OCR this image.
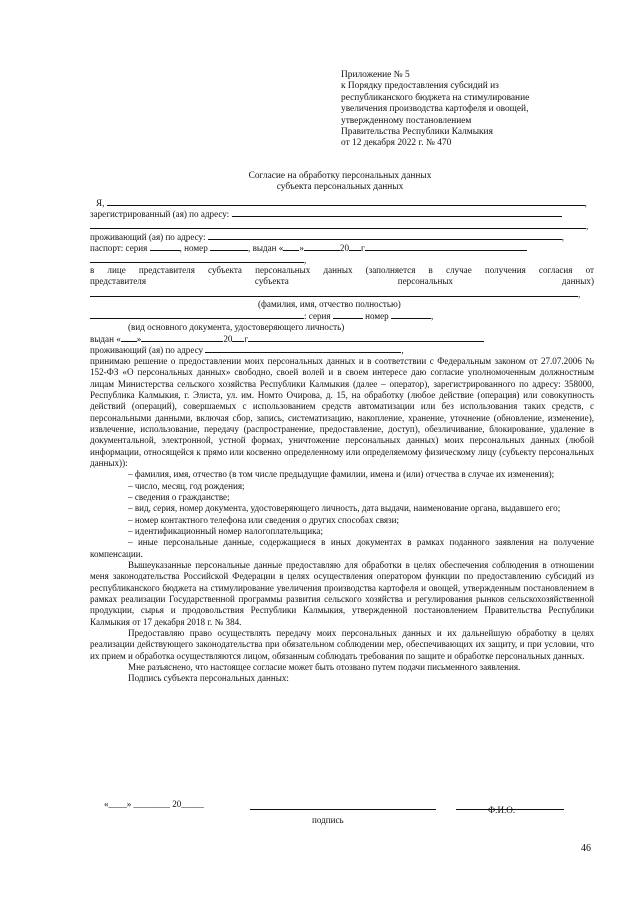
Приложение № 5
к Порядку предоставления субсидий из
республиканского бюджета на стимулирование
увеличения производства картофеля и овощей,
утвержденному постановлением
Правительства Республики Калмыкия
от 12 декабря 2022 г. № 470
Согласие на обработку персональных данных
субъекта персональных данных
Я,	,
зарегистрированный (ая) по адресу:
,
проживающий (ая) по адресу:	,
паспорт: серия	, номер	, выдан « »	20 г
,
в лице представителя субъекта персональных данных (заполняется в случае получения согласия от
представителя субъекта персональных данных)
,
(фамилия, имя, отчество полностью)
: серия	номер	,
(вид основного документа, удостоверяющего личность)
выдан « »	20 г
проживающий (ая) по адресу	,
принимаю решение о предоставлении моих персональных данных и в соответствии с Федеральным законом от 27.07.2006 № 152-ФЗ «О персональных данных» свободно, своей волей и в своем интересе даю согласие уполномоченным должностным лицам Министерства сельского хозяйства Республики Калмыкия (далее – оператор), зарегистрированного по адресу: 358000, Республика Калмыкия, г. Элиста, ул. им. Номто Очирова, д. 15, на обработку (любое действие (операция) или совокупность действий (операций), совершаемых с использованием средств автоматизации или без использования таких средств, с персональными данными, включая сбор, запись, систематизацию, накопление, хранение, уточнение (обновление, изменение), извлечение, использование, передачу (распространение, предоставление, доступ), обезличивание, блокирование, удаление в документальной, электронной, устной формах, уничтожение персональных данных) моих персональных данных (любой информации, относящейся к прямо или косвенно определенному или определяемому физическому лицу (субъекту персональных данных)):
– фамилия, имя, отчество (в том числе предыдущие фамилии, имена и (или) отчества в случае их изменения);
– число, месяц, год рождения;
– сведения о гражданстве;
– вид, серия, номер документа, удостоверяющего личность, дата выдачи, наименование органа, выдавшего его;
– номер контактного телефона или сведения о других способах связи;
– идентификационный номер налогоплательщика;
– иные персональные данные, содержащиеся в иных документах в рамках поданного заявления на получение компенсации.
Вышеуказанные персональные данные предоставляю для обработки в целях обеспечения соблюдения в отношении меня законодательства Российской Федерации в целях осуществления оператором функции по предоставлению субсидий из республиканского бюджета на стимулирование увеличения производства картофеля и овощей, утвержденным постановлением в рамках реализации Государственной программы развития сельского хозяйства и регулирования рынков сельскохозяйственной продукции, сырья и продовольствия Республики Калмыкия, утвержденной постановлением Правительства Республики Калмыкия от 17 декабря 2018 г. № 384.
Предоставляю право осуществлять передачу моих персональных данных и их дальнейшую обработку в целях реализации действующего законодательства при обязательном соблюдении мер, обеспечивающих их защиту, и при условии, что их прием и обработка осуществляются лицом, обязанным соблюдать требования по защите и обработке персональных данных.
Мне разъяснено, что настоящее согласие может быть отозвано путем подачи письменного заявления.
Подпись субъекта персональных данных:
«____» ________ 20_____
подпись
Ф.И.О.
46
